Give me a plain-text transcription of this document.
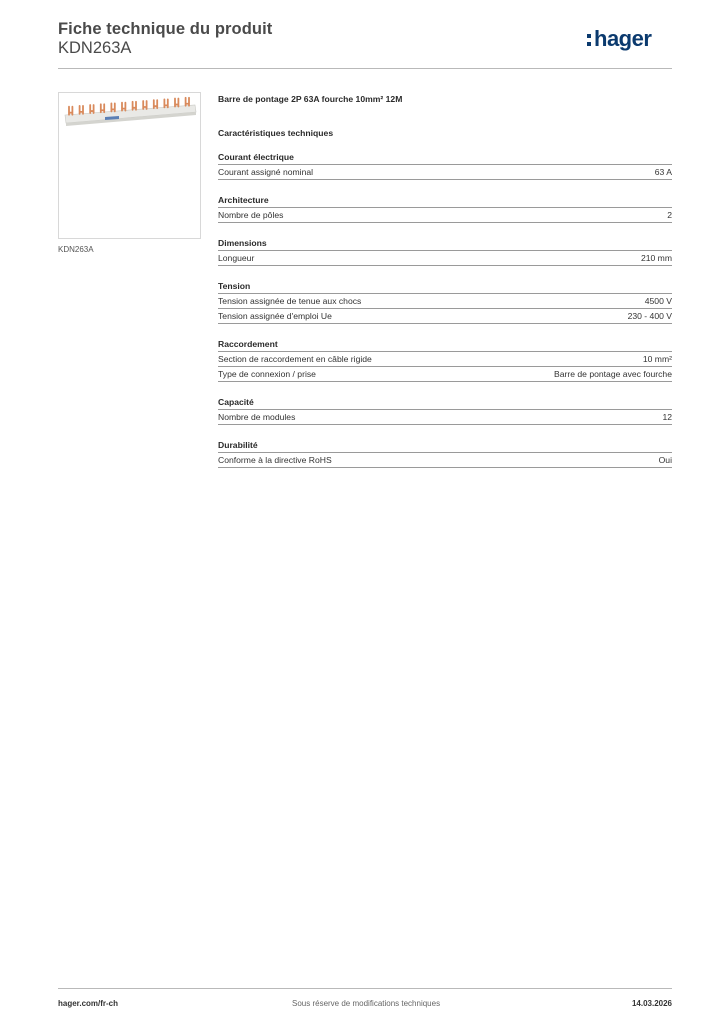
Fiche technique du produit
KDN263A	hager
KDN263A
Barre de pontage 2P 63A fourche 10mm² 12M
Caractéristiques techniques
Courant électrique
Courant assigné nominal	63 A
Architecture
Nombre de pôles	2
Dimensions
Longueur	210 mm
Tension
Tension assignée de tenue aux chocs	4500 V
Tension assignée d'emploi Ue	230 - 400 V
Raccordement
Section de raccordement en câble rigide	10 mm²
Type de connexion / prise	Barre de pontage avec fourche
Capacité
Nombre de modules	12
Durabilité
Conforme à la directive RoHS	Oui
hager.com/fr-ch	Sous réserve de modifications techniques	14.03.2026
